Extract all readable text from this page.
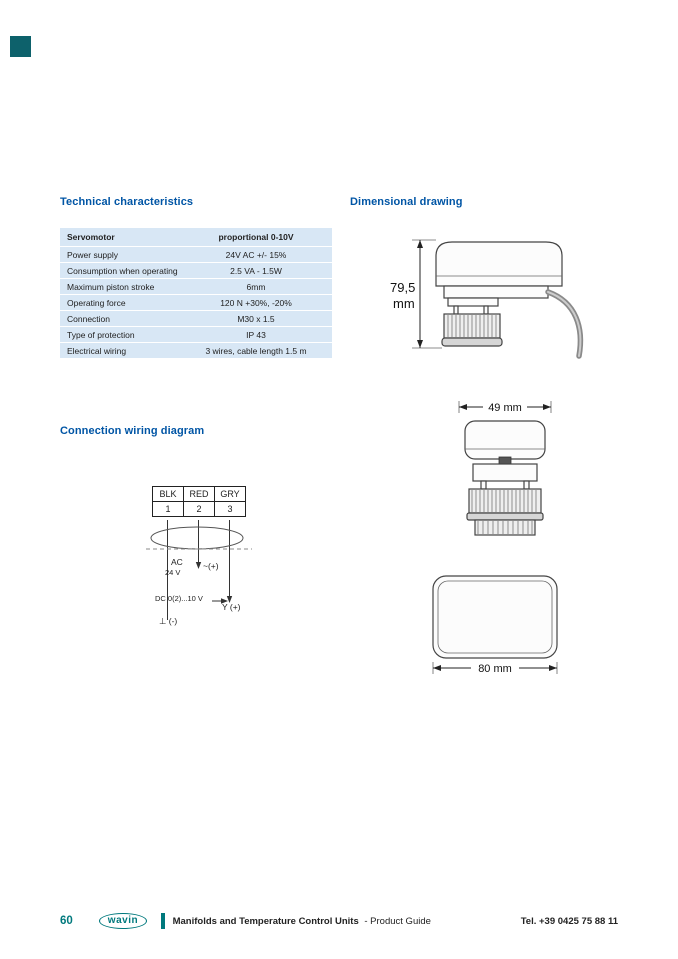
Technical characteristics	Dimensional drawing
Connection wiring diagram
Servomotor	proportional 0-10V
Power supply	24V AC +/- 15%
Consumption when operating	2.5 VA - 1.5W
Maximum piston stroke	6mm
Operating force	120 N +30%, -20%
Connection	M30 x 1.5
Type of protection	IP 43
Electrical wiring	3 wires, cable length 1.5 m
BLK	RED	GRY
1	2	3
AC
24 V
~(+)
DC 0(2)...10 V
Y (+)
⊥ (-)
79,5
mm
49 mm
80 mm
60	wavin	Manifolds and Temperature Control Units - Product Guide	Tel. +39 0425 75 88 11
